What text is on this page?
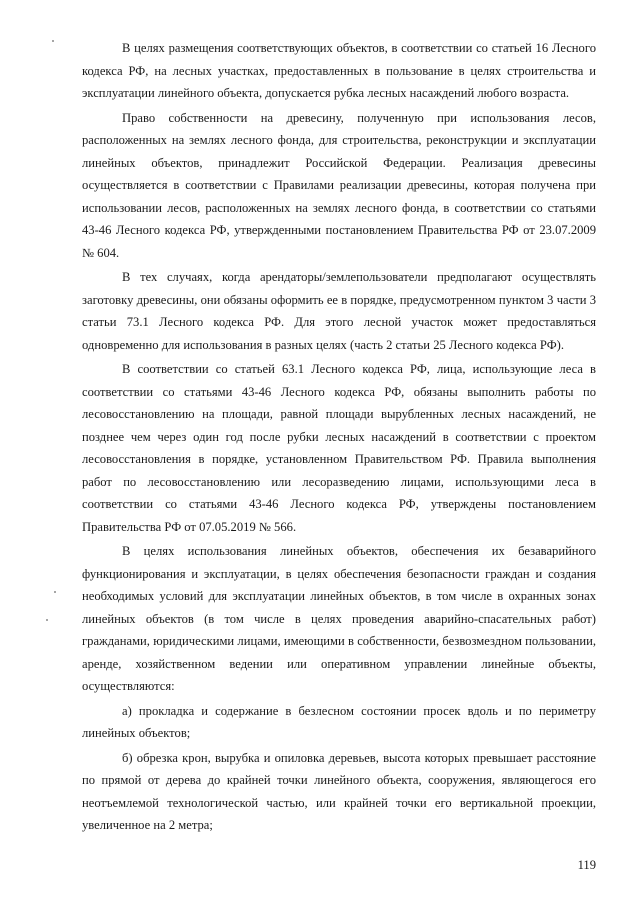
В целях размещения соответствующих объектов, в соответствии со статьей 16 Лесного кодекса РФ, на лесных участках, предоставленных в пользование в целях строительства и эксплуатации линейного объекта, допускается рубка лесных насаждений любого возраста.

Право собственности на древесину, полученную при использования лесов, расположенных на землях лесного фонда, для строительства, реконструкции и эксплуатации линейных объектов, принадлежит Российской Федерации. Реализация древесины осуществляется в соответствии с Правилами реализации древесины, которая получена при использовании лесов, расположенных на землях лесного фонда, в соответствии со статьями 43-46 Лесного кодекса РФ, утвержденными постановлением Правительства РФ от 23.07.2009 № 604.

В тех случаях, когда арендаторы/землепользователи предполагают осуществлять заготовку древесины, они обязаны оформить ее в порядке, предусмотренном пунктом 3 части 3 статьи 73.1 Лесного кодекса РФ. Для этого лесной участок может предоставляться одновременно для использования в разных целях (часть 2 статьи 25 Лесного кодекса РФ).

В соответствии со статьей 63.1 Лесного кодекса РФ, лица, использующие леса в соответствии со статьями 43-46 Лесного кодекса РФ, обязаны выполнить работы по лесовосстановлению на площади, равной площади вырубленных лесных насаждений, не позднее чем через один год после рубки лесных насаждений в соответствии с проектом лесовосстановления в порядке, установленном Правительством РФ. Правила выполнения работ по лесовосстановлению или лесоразведению лицами, использующими леса в соответствии со статьями 43-46 Лесного кодекса РФ, утверждены постановлением Правительства РФ от 07.05.2019 № 566.

В целях использования линейных объектов, обеспечения их безаварийного функционирования и эксплуатации, в целях обеспечения безопасности граждан и создания необходимых условий для эксплуатации линейных объектов, в том числе в охранных зонах линейных объектов (в том числе в целях проведения аварийно-спасательных работ) гражданами, юридическими лицами, имеющими в собственности, безвозмездном пользовании, аренде, хозяйственном ведении или оперативном управлении линейные объекты, осуществляются:

а) прокладка и содержание в безлесном состоянии просек вдоль и по периметру линейных объектов;

б) обрезка крон, вырубка и опиловка деревьев, высота которых превышает расстояние по прямой от дерева до крайней точки линейного объекта, сооружения, являющегося его неотъемлемой технологической частью, или крайней точки его вертикальной проекции, увеличенное на 2 метра;

119
